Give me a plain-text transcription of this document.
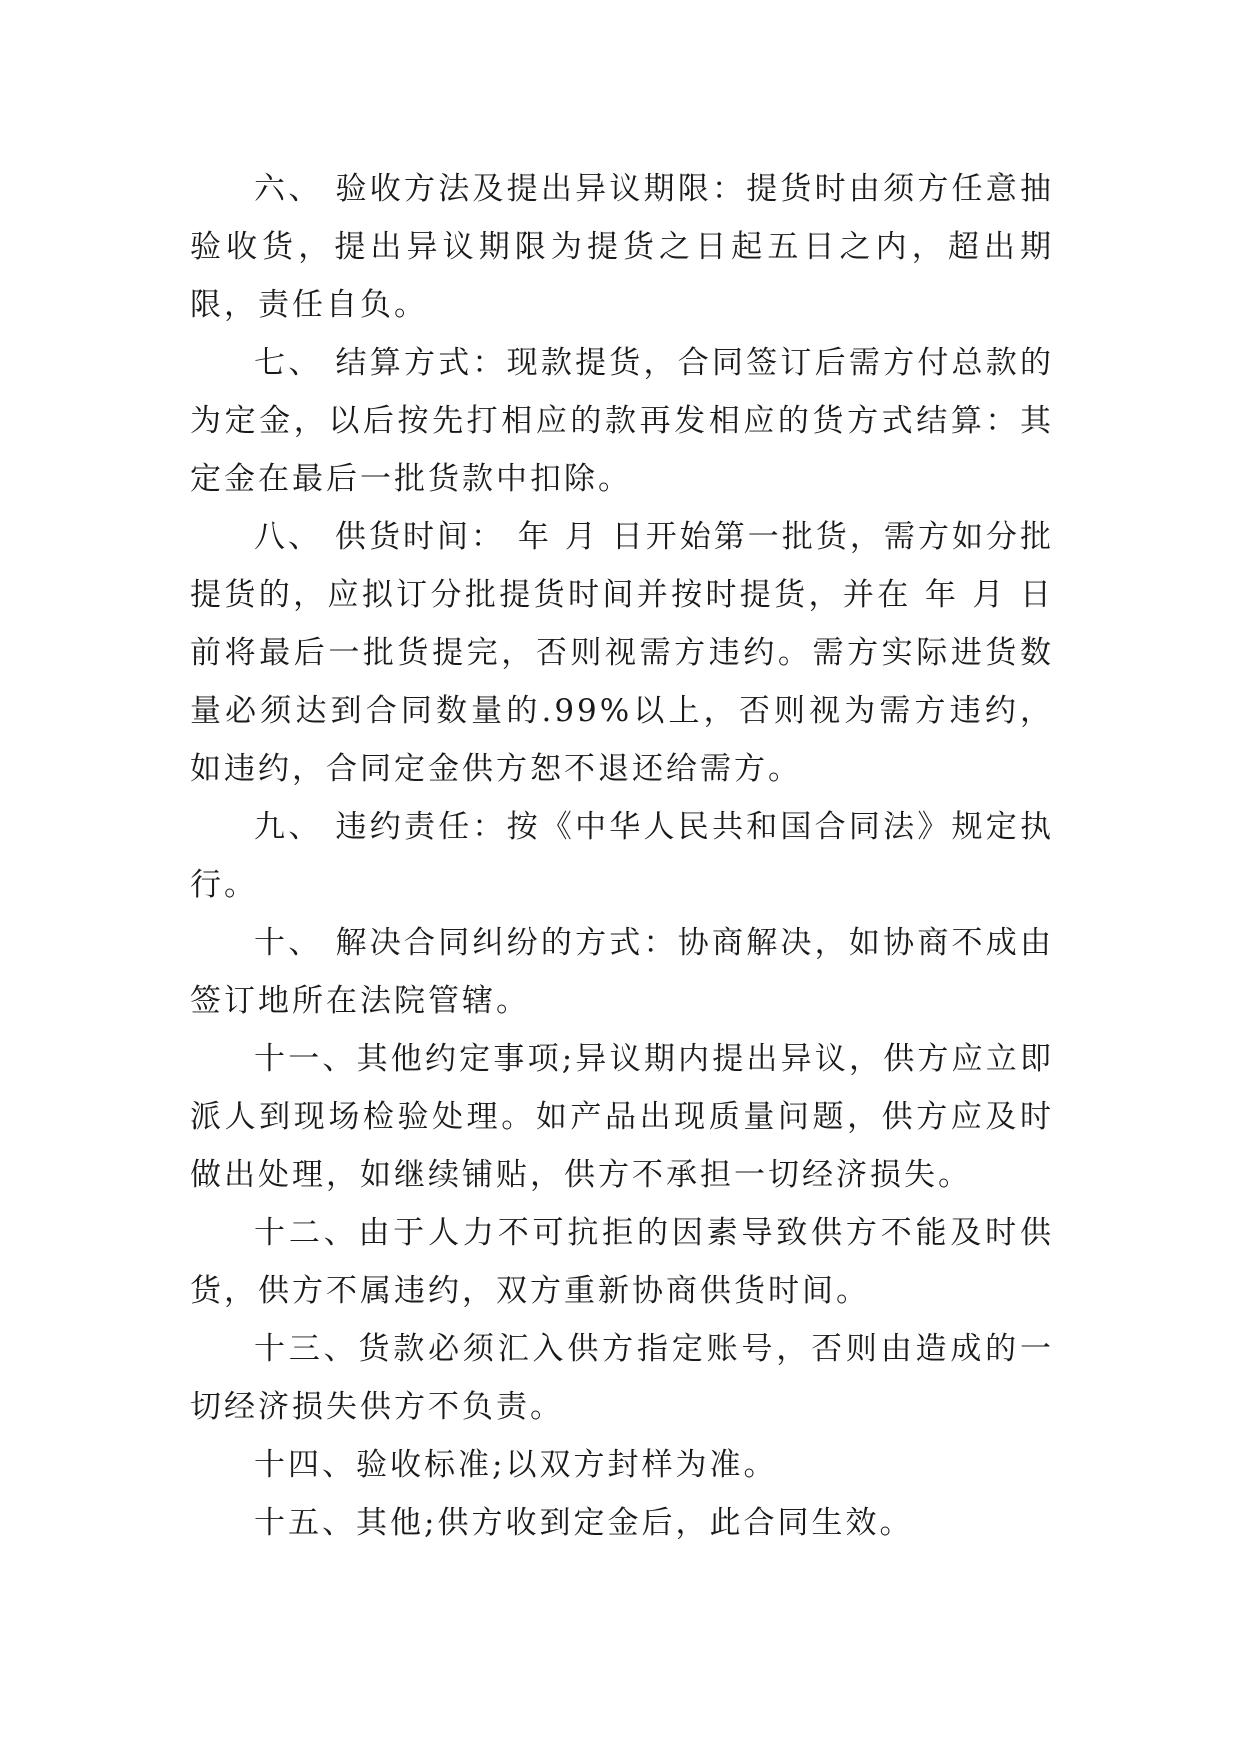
六、 验收方法及提出异议期限：提货时由须方任意抽验收货，提出异议期限为提货之日起五日之内，超出期限，责任自负。

七、 结算方式：现款提货，合同签订后需方付总款的为定金，以后按先打相应的款再发相应的货方式结算：其定金在最后一批货款中扣除。

八、 供货时间： 年 月 日开始第一批货，需方如分批提货的，应拟订分批提货时间并按时提货，并在 年 月 日前将最后一批货提完，否则视需方违约。需方实际进货数量必须达到合同数量的.99%以上，否则视为需方违约，如违约，合同定金供方恕不退还给需方。

九、 违约责任：按《中华人民共和国合同法》规定执行。

十、 解决合同纠纷的方式：协商解决，如协商不成由签订地所在法院管辖。

十一、其他约定事项;异议期内提出异议，供方应立即派人到现场检验处理。如产品出现质量问题，供方应及时做出处理，如继续铺贴，供方不承担一切经济损失。

十二、由于人力不可抗拒的因素导致供方不能及时供货，供方不属违约，双方重新协商供货时间。

十三、货款必须汇入供方指定账号，否则由造成的一切经济损失供方不负责。

十四、验收标准;以双方封样为准。

十五、其他;供方收到定金后，此合同生效。
